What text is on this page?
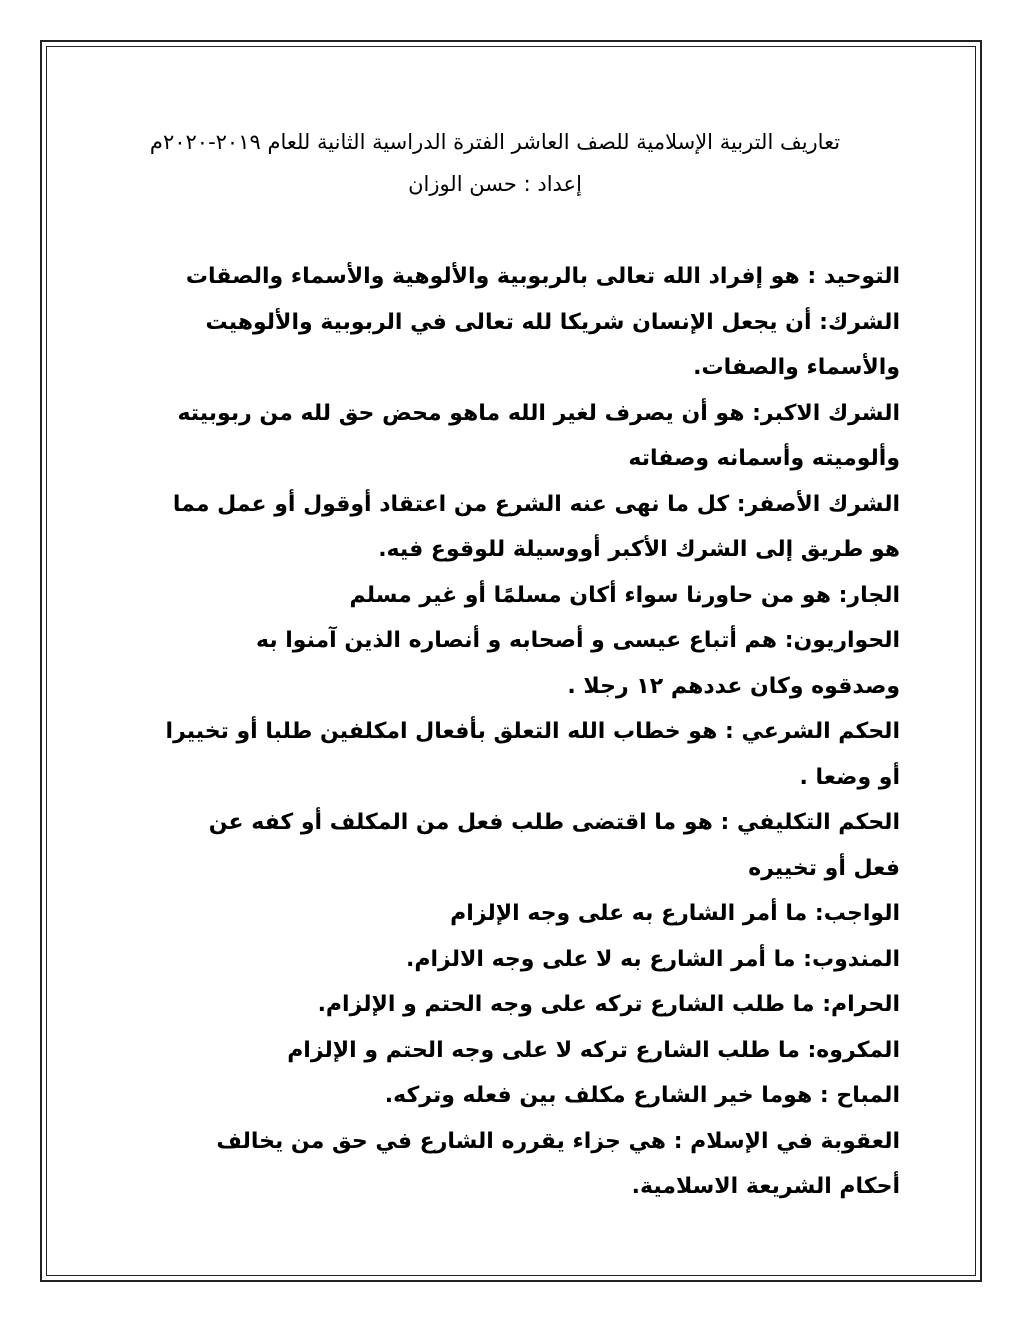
تعاريف التربية الإسلامية للصف العاشر الفترة الدراسية الثانية للعام ٢٠١٩-٢٠٢٠م
إعداد : حسن الوزان

التوحيد : هو إفراد الله تعالى بالربوبية والألوهية والأسماء والصقات

الشرك: أن يجعل الإنسان شريكا لله تعالى في الربوبية والألوهيت والأسماء والصفات.

الشرك الاكبر: هو أن يصرف لغير الله ماهو محض حق لله من ربوبيته وألوميته وأسمانه وصفاته

الشرك الأصفر: كل ما نهى عنه الشرع من اعتقاد أوقول أو عمل مما هو طريق إلى الشرك الأكبر أووسيلة للوقوع فيه.

الجار: هو من حاورنا سواء أكان مسلمًا أو غير مسلم

الحواريون: هم أتباع عيسى و أصحابه و أنصاره الذين آمنوا به وصدقوه وكان عددهم ١٢ رجلا .

الحكم الشرعي : هو خطاب الله التعلق بأفعال امكلفين طلبا أو تخييرا أو وضعا .

الحكم التكليفي : هو ما اقتضى طلب فعل من المكلف أو كفه عن فعل أو تخييره

الواجب: ما أمر الشارع به على وجه الإلزام

المندوب: ما أمر الشارع به لا على وجه الالزام.

الحرام: ما طلب الشارع تركه على وجه الحتم و الإلزام.

المكروه: ما طلب الشارع تركه لا على وجه الحتم و الإلزام

المباح : هوما خير الشارع مكلف بين فعله وتركه.

العقوبة في الإسلام : هي جزاء يقرره الشارع في حق من يخالف أحكام الشريعة الاسلامية.
